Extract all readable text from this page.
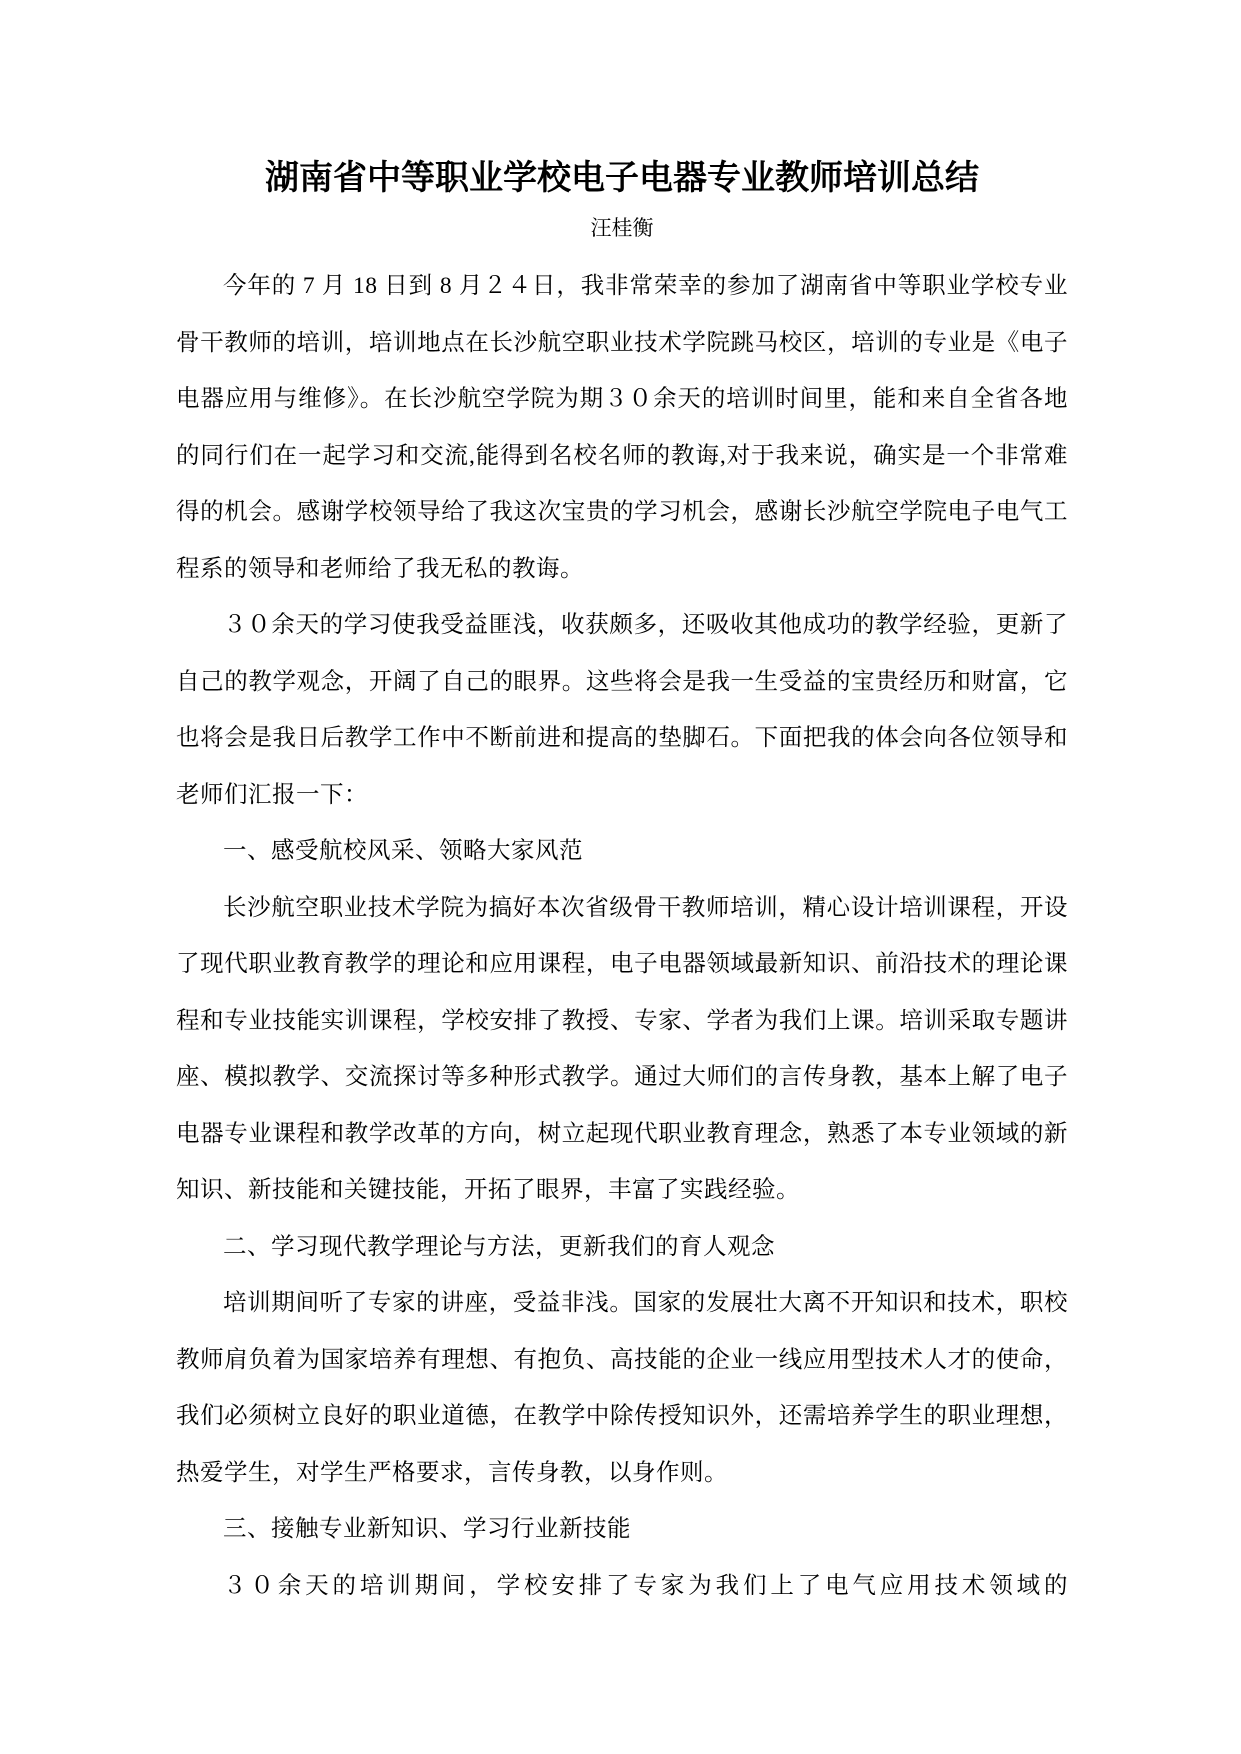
湖南省中等职业学校电子电器专业教师培训总结
汪桂衡

今年的 7 月 18 日到 8 月２４日，我非常荣幸的参加了湖南省中等职业学校专业骨干教师的培训，培训地点在长沙航空职业技术学院跳马校区，培训的专业是《电子电器应用与维修》。在长沙航空学院为期３０余天的培训时间里，能和来自全省各地的同行们在一起学习和交流,能得到名校名师的教诲,对于我来说，确实是一个非常难得的机会。感谢学校领导给了我这次宝贵的学习机会，感谢长沙航空学院电子电气工程系的领导和老师给了我无私的教诲。

３０余天的学习使我受益匪浅，收获颇多，还吸收其他成功的教学经验，更新了自己的教学观念，开阔了自己的眼界。这些将会是我一生受益的宝贵经历和财富，它也将会是我日后教学工作中不断前进和提高的垫脚石。下面把我的体会向各位领导和老师们汇报一下：

一、感受航校风采、领略大家风范

长沙航空职业技术学院为搞好本次省级骨干教师培训，精心设计培训课程，开设了现代职业教育教学的理论和应用课程，电子电器领域最新知识、前沿技术的理论课程和专业技能实训课程，学校安排了教授、专家、学者为我们上课。培训采取专题讲座、模拟教学、交流探讨等多种形式教学。通过大师们的言传身教，基本上解了电子电器专业课程和教学改革的方向，树立起现代职业教育理念，熟悉了本专业领域的新知识、新技能和关键技能，开拓了眼界，丰富了实践经验。

二、学习现代教学理论与方法，更新我们的育人观念

培训期间听了专家的讲座，受益非浅。国家的发展壮大离不开知识和技术，职校教师肩负着为国家培养有理想、有抱负、高技能的企业一线应用型技术人才的使命，我们必须树立良好的职业道德，在教学中除传授知识外，还需培养学生的职业理想，热爱学生，对学生严格要求，言传身教，以身作则。

三、接触专业新知识、学习行业新技能

３０余天的培训期间，学校安排了专家为我们上了电气应用技术领域的
